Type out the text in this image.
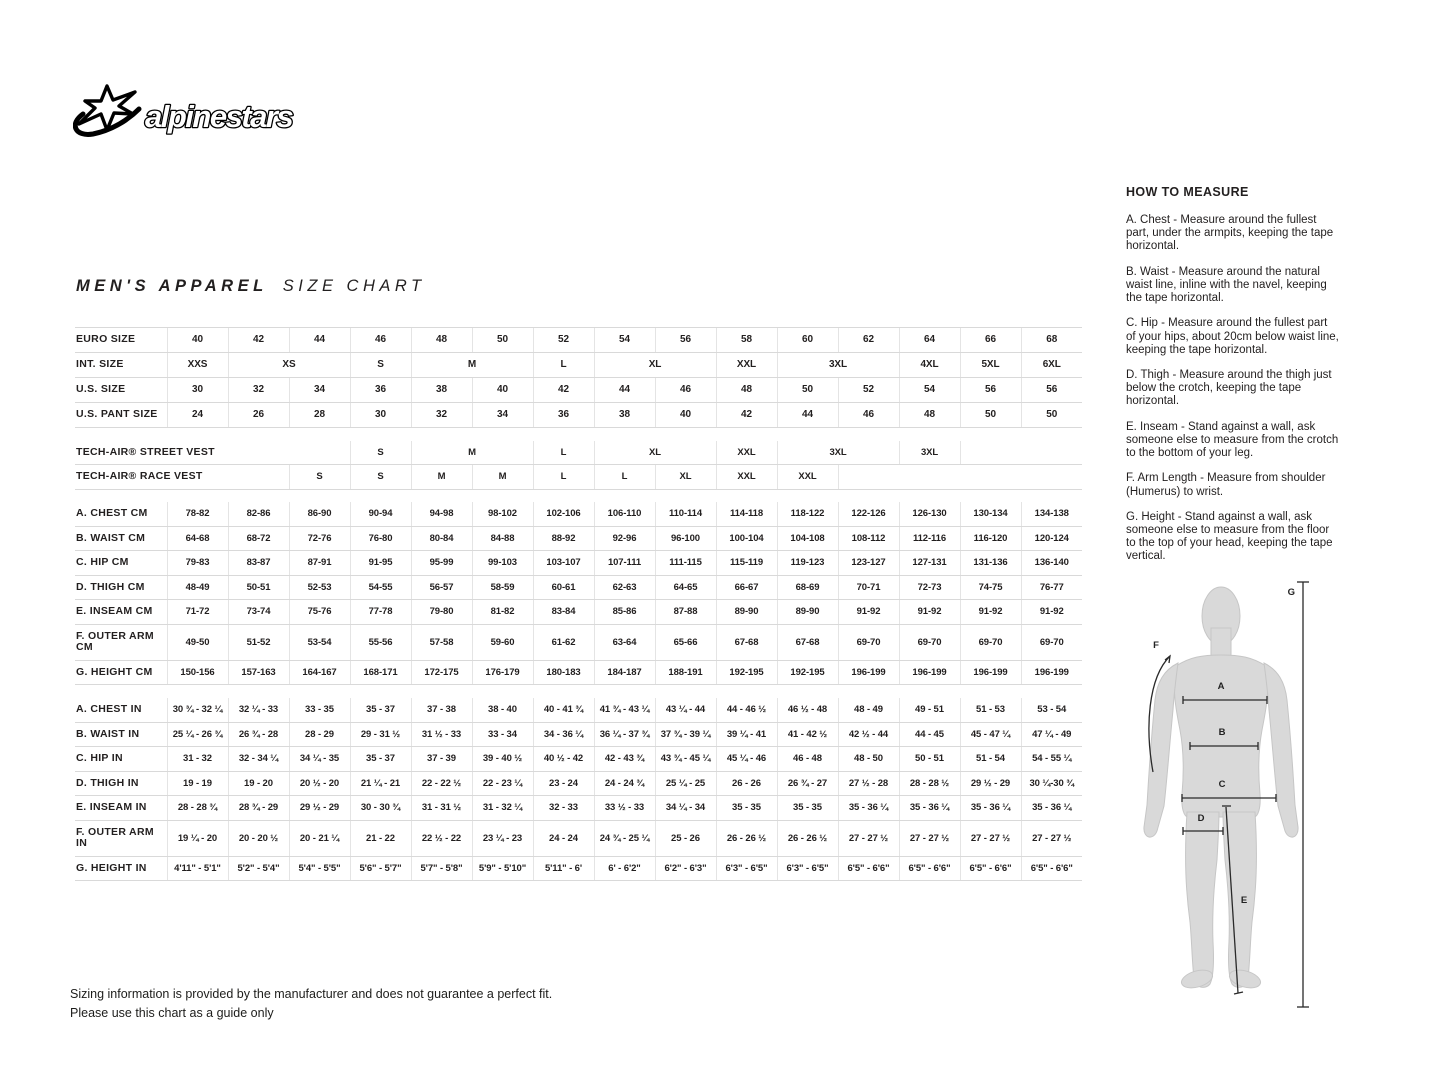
alpinestars
MEN'S APPAREL SIZE CHART
EURO SIZE	40	42	44	46	48	50	52	54	56	58	60	62	64	66	68
INT. SIZE	XXS	XS		S	M		L	XL		XXL	3XL		4XL	5XL	6XL
U.S. SIZE	30	32	34	36	38	40	42	44	46	48	50	52	54	56	56
U.S. PANT SIZE	24	26	28	30	32	34	36	38	40	42	44	46	48	50	50

TECH-AIR® STREET VEST				S	M		L	XL		XXL	3XL		3XL		
TECH-AIR® RACE VEST			S	S	M	M	L	L	XL	XXL	XXL				

A. CHEST CM	78-82	82-86	86-90	90-94	94-98	98-102	102-106	106-110	110-114	114-118	118-122	122-126	126-130	130-134	134-138
B. WAIST CM	64-68	68-72	72-76	76-80	80-84	84-88	88-92	92-96	96-100	100-104	104-108	108-112	112-116	116-120	120-124
C. HIP CM	79-83	83-87	87-91	91-95	95-99	99-103	103-107	107-111	111-115	115-119	119-123	123-127	127-131	131-136	136-140
D. THIGH CM	48-49	50-51	52-53	54-55	56-57	58-59	60-61	62-63	64-65	66-67	68-69	70-71	72-73	74-75	76-77
E. INSEAM CM	71-72	73-74	75-76	77-78	79-80	81-82	83-84	85-86	87-88	89-90	89-90	91-92	91-92	91-92	91-92
F. OUTER ARM CM	49-50	51-52	53-54	55-56	57-58	59-60	61-62	63-64	65-66	67-68	67-68	69-70	69-70	69-70	69-70
G. HEIGHT CM	150-156	157-163	164-167	168-171	172-175	176-179	180-183	184-187	188-191	192-195	192-195	196-199	196-199	196-199	196-199

A. CHEST IN	30 ¾ - 32 ¼	32 ¼ - 33	33 - 35	35 - 37	37 - 38	38 - 40	40 - 41 ¾	41 ¾ - 43 ¼	43 ¼ - 44	44 - 46 ½	46 ½ - 48	48 - 49	49 - 51	51 - 53	53 - 54
B. WAIST IN	25 ¼ - 26 ¾	26 ¾ - 28	28 - 29	29 - 31 ½	31 ½ - 33	33 - 34	34 - 36 ¼	36 ¼ - 37 ¾	37 ¾ - 39 ¼	39 ¼ - 41	41 - 42 ½	42 ½ - 44	44 - 45	45 - 47 ¼	47 ¼ - 49
C. HIP IN	31 - 32	32 - 34 ¼	34 ¼ - 35	35 - 37	37 - 39	39 - 40 ½	40 ½ - 42	42 - 43 ¾	43 ¾ - 45 ¼	45 ¼ - 46	46 - 48	48 - 50	50 - 51	51 - 54	54 - 55 ¼
D. THIGH IN	19 - 19	19 - 20	20 ½ - 20	21 ¼ - 21	22 - 22 ½	22 - 23 ¼	23 - 24	24 - 24 ¾	25 ¼ - 25	26 - 26	26 ¾ - 27	27 ½ - 28	28 - 28 ½	29 ½ - 29	30 ¼-30 ¾
E. INSEAM IN	28 - 28 ¾	28 ¾ - 29	29 ½ - 29	30 - 30 ¾	31 - 31 ½	31 - 32 ¼	32 - 33	33 ½ - 33	34 ¼ - 34	35 - 35	35 - 35	35 - 36 ¼	35 - 36 ¼	35 - 36 ¼	35 - 36 ¼
F. OUTER ARM IN	19 ¼ - 20	20 - 20 ½	20 - 21 ¼	21 - 22	22 ½ - 22	23 ¼ - 23	24 - 24	24 ¾ - 25 ¼	25 - 26	26 - 26 ½	26 - 26 ½	27 - 27 ½	27 - 27 ½	27 - 27 ½	27 - 27 ½
G. HEIGHT IN	4'11" - 5'1"	5'2" - 5'4"	5'4" - 5'5"	5'6" - 5'7"	5'7" - 5'8"	5'9" - 5'10"	5'11" - 6'	6' - 6'2"	6'2" - 6'3"	6'3" - 6'5"	6'3" - 6'5"	6'5" - 6'6"	6'5" - 6'6"	6'5" - 6'6"	6'5" - 6'6"
HOW TO MEASURE

A. Chest - Measure around the fullest part, under the armpits, keeping the tape horizontal.

B. Waist - Measure around the natural waist line, inline with the navel, keeping the tape horizontal.

C. Hip - Measure around the fullest part of your hips, about 20cm below waist line, keeping the tape horizontal.

D. Thigh - Measure around the thigh just below the crotch, keeping the tape horizontal.

E. Inseam - Stand against a wall, ask someone else to measure from the crotch to the bottom of your leg.

F. Arm Length - Measure from shoulder (Humerus) to wrist.

G. Height - Stand against a wall, ask someone else to measure from the floor to the top of your head, keeping the tape vertical.

A
B
C
D
E
F
G
Sizing information is provided by the manufacturer and does not guarantee a perfect fit.
Please use this chart as a guide only
